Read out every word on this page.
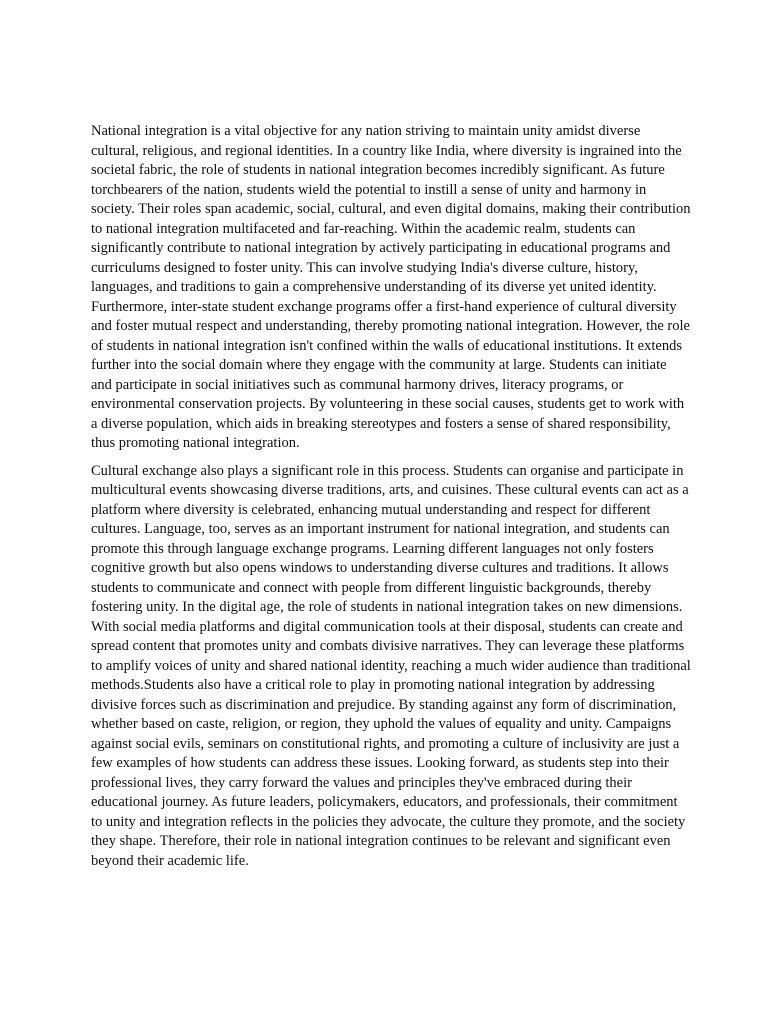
National integration is a vital objective for any nation striving to maintain unity amidst diverse cultural, religious, and regional identities. In a country like India, where diversity is ingrained into the societal fabric, the role of students in national integration becomes incredibly significant. As future torchbearers of the nation, students wield the potential to instill a sense of unity and harmony in society. Their roles span academic, social, cultural, and even digital domains, making their contribution to national integration multifaceted and far-reaching. Within the academic realm, students can significantly contribute to national integration by actively participating in educational programs and curriculums designed to foster unity. This can involve studying India's diverse culture, history, languages, and traditions to gain a comprehensive understanding of its diverse yet united identity. Furthermore, inter-state student exchange programs offer a first-hand experience of cultural diversity and foster mutual respect and understanding, thereby promoting national integration. However, the role of students in national integration isn't confined within the walls of educational institutions. It extends further into the social domain where they engage with the community at large. Students can initiate and participate in social initiatives such as communal harmony drives, literacy programs, or environmental conservation projects. By volunteering in these social causes, students get to work with a diverse population, which aids in breaking stereotypes and fosters a sense of shared responsibility, thus promoting national integration.

Cultural exchange also plays a significant role in this process. Students can organise and participate in multicultural events showcasing diverse traditions, arts, and cuisines. These cultural events can act as a platform where diversity is celebrated, enhancing mutual understanding and respect for different cultures. Language, too, serves as an important instrument for national integration, and students can promote this through language exchange programs. Learning different languages not only fosters cognitive growth but also opens windows to understanding diverse cultures and traditions. It allows students to communicate and connect with people from different linguistic backgrounds, thereby fostering unity. In the digital age, the role of students in national integration takes on new dimensions. With social media platforms and digital communication tools at their disposal, students can create and spread content that promotes unity and combats divisive narratives. They can leverage these platforms to amplify voices of unity and shared national identity, reaching a much wider audience than traditional methods.Students also have a critical role to play in promoting national integration by addressing divisive forces such as discrimination and prejudice. By standing against any form of discrimination, whether based on caste, religion, or region, they uphold the values of equality and unity. Campaigns against social evils, seminars on constitutional rights, and promoting a culture of inclusivity are just a few examples of how students can address these issues. Looking forward, as students step into their professional lives, they carry forward the values and principles they've embraced during their educational journey. As future leaders, policymakers, educators, and professionals, their commitment to unity and integration reflects in the policies they advocate, the culture they promote, and the society they shape. Therefore, their role in national integration continues to be relevant and significant even beyond their academic life.
